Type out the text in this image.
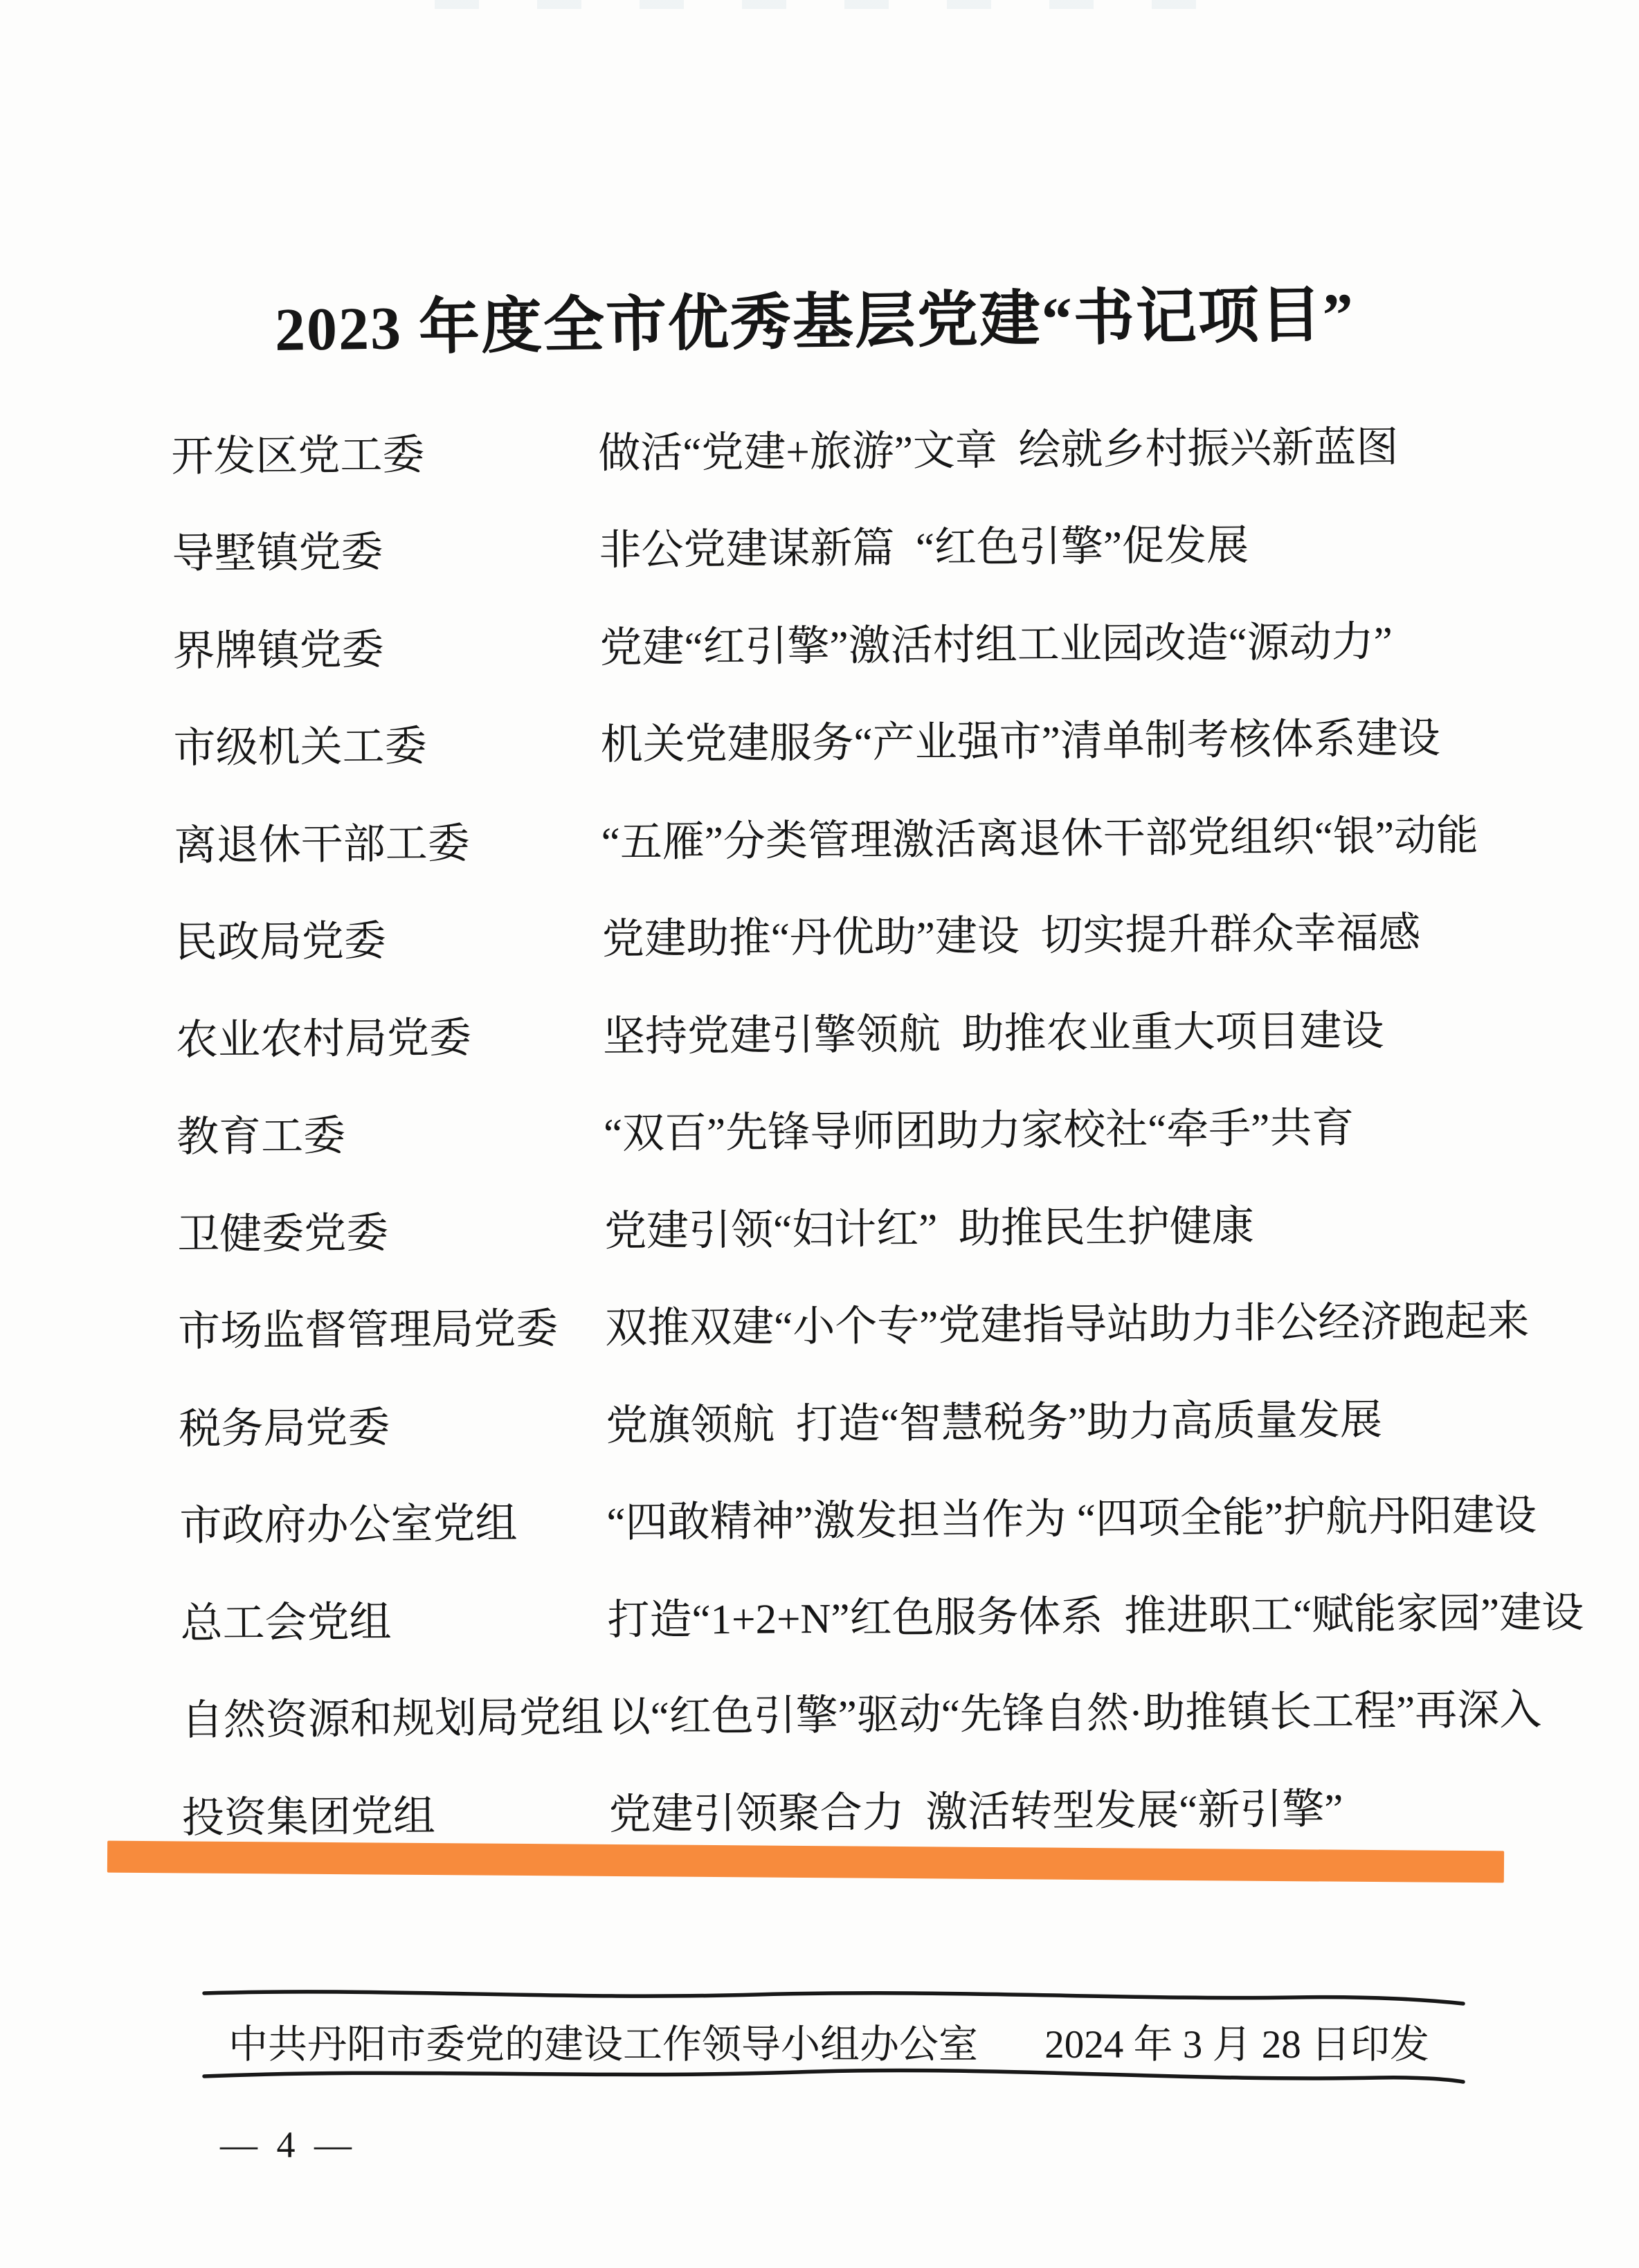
2023 年度全市优秀基层党建“书记项目”
开发区党工委	做活“党建+旅游”文章  绘就乡村振兴新蓝图
导墅镇党委	非公党建谋新篇  “红色引擎”促发展
界牌镇党委	党建“红引擎”激活村组工业园改造“源动力”
市级机关工委	机关党建服务“产业强市”清单制考核体系建设
离退休干部工委	“五雁”分类管理激活离退休干部党组织“银”动能
民政局党委	党建助推“丹优助”建设  切实提升群众幸福感
农业农村局党委	坚持党建引擎领航  助推农业重大项目建设
教育工委	“双百”先锋导师团助力家校社“牵手”共育
卫健委党委	党建引领“妇计红”  助推民生护健康
市场监督管理局党委	双推双建“小个专”党建指导站助力非公经济跑起来
税务局党委	党旗领航  打造“智慧税务”助力高质量发展
市政府办公室党组	“四敢精神”激发担当作为 “四项全能”护航丹阳建设
总工会党组	打造“1+2+N”红色服务体系  推进职工“赋能家园”建设
自然资源和规划局党组 以“红色引擎”驱动“先锋自然·助推镇长工程”再深入
投资集团党组	党建引领聚合力  激活转型发展“新引擎”
中共丹阳市委党的建设工作领导小组办公室 2024 年 3 月 28 日印发
— 4 —
